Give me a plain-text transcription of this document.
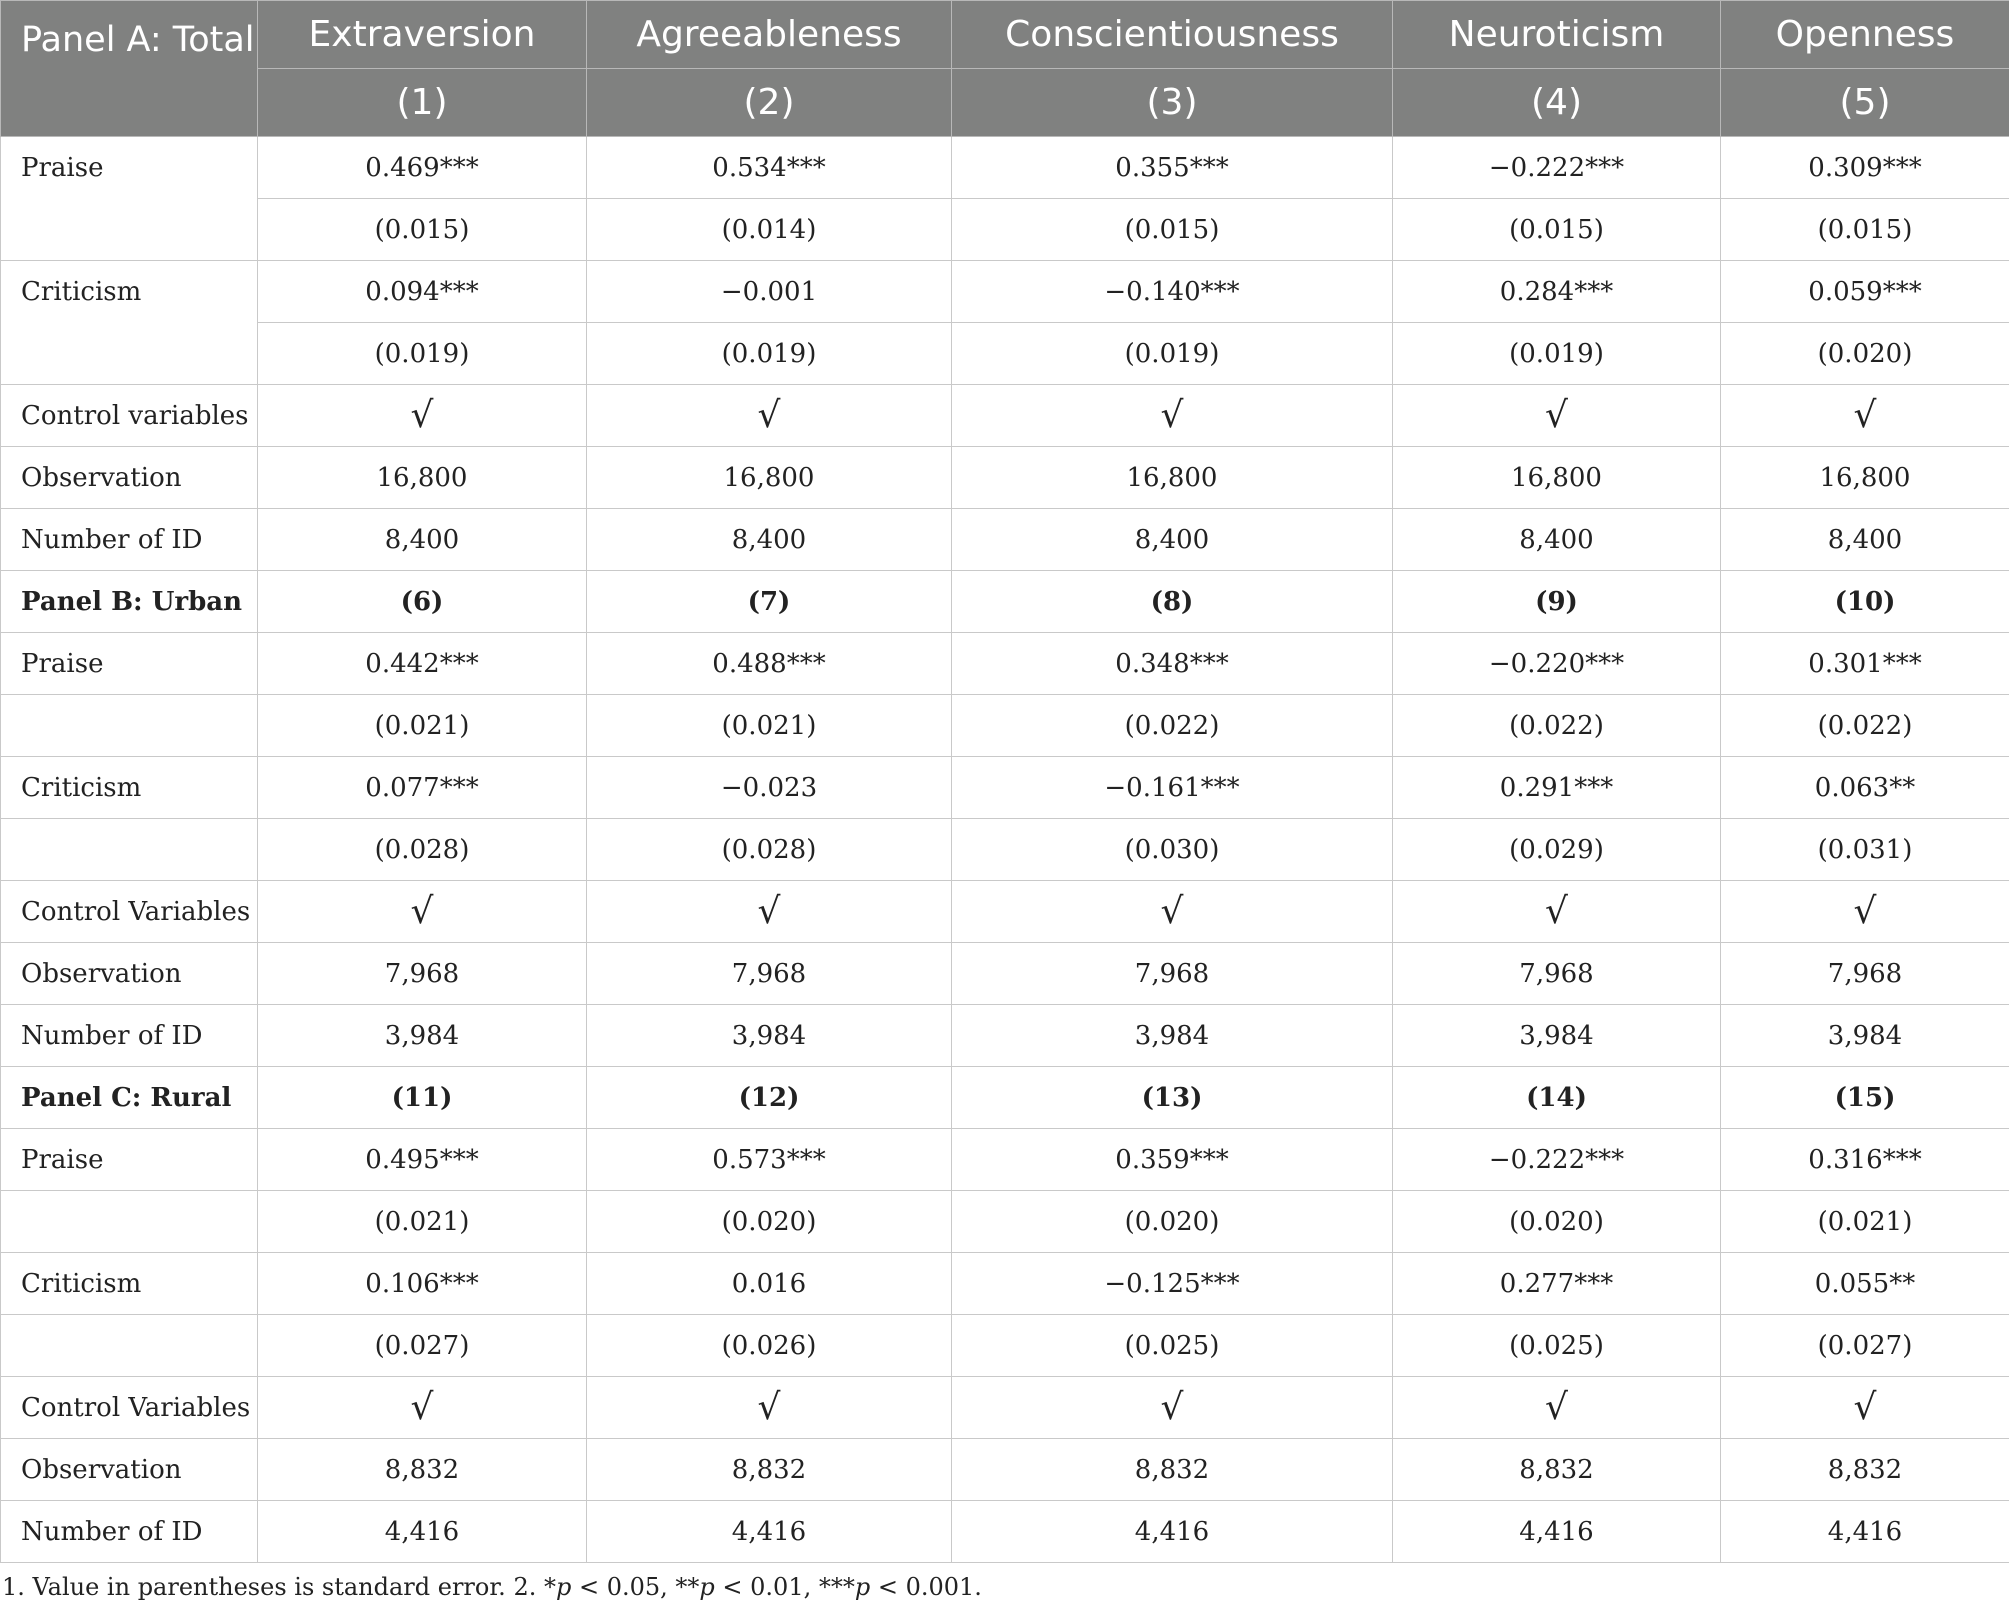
Panel A: Total	Extraversion	Agreeableness	Conscientiousness	Neuroticism	Openness
	(1)	(2)	(3)	(4)	(5)
Praise	0.469***	0.534***	0.355***	−0.222***	0.309***
	(0.015)	(0.014)	(0.015)	(0.015)	(0.015)
Criticism	0.094***	−0.001	−0.140***	0.284***	0.059***
	(0.019)	(0.019)	(0.019)	(0.019)	(0.020)
Control variables	√	√	√	√	√
Observation	16,800	16,800	16,800	16,800	16,800
Number of ID	8,400	8,400	8,400	8,400	8,400
Panel B: Urban	(6)	(7)	(8)	(9)	(10)
Praise	0.442***	0.488***	0.348***	−0.220***	0.301***
	(0.021)	(0.021)	(0.022)	(0.022)	(0.022)
Criticism	0.077***	−0.023	−0.161***	0.291***	0.063**
	(0.028)	(0.028)	(0.030)	(0.029)	(0.031)
Control Variables	√	√	√	√	√
Observation	7,968	7,968	7,968	7,968	7,968
Number of ID	3,984	3,984	3,984	3,984	3,984
Panel C: Rural	(11)	(12)	(13)	(14)	(15)
Praise	0.495***	0.573***	0.359***	−0.222***	0.316***
	(0.021)	(0.020)	(0.020)	(0.020)	(0.021)
Criticism	0.106***	0.016	−0.125***	0.277***	0.055**
	(0.027)	(0.026)	(0.025)	(0.025)	(0.027)
Control Variables	√	√	√	√	√
Observation	8,832	8,832	8,832	8,832	8,832
Number of ID	4,416	4,416	4,416	4,416	4,416
1. Value in parentheses is standard error. 2. *p < 0.05, **p < 0.01, ***p < 0.001.
